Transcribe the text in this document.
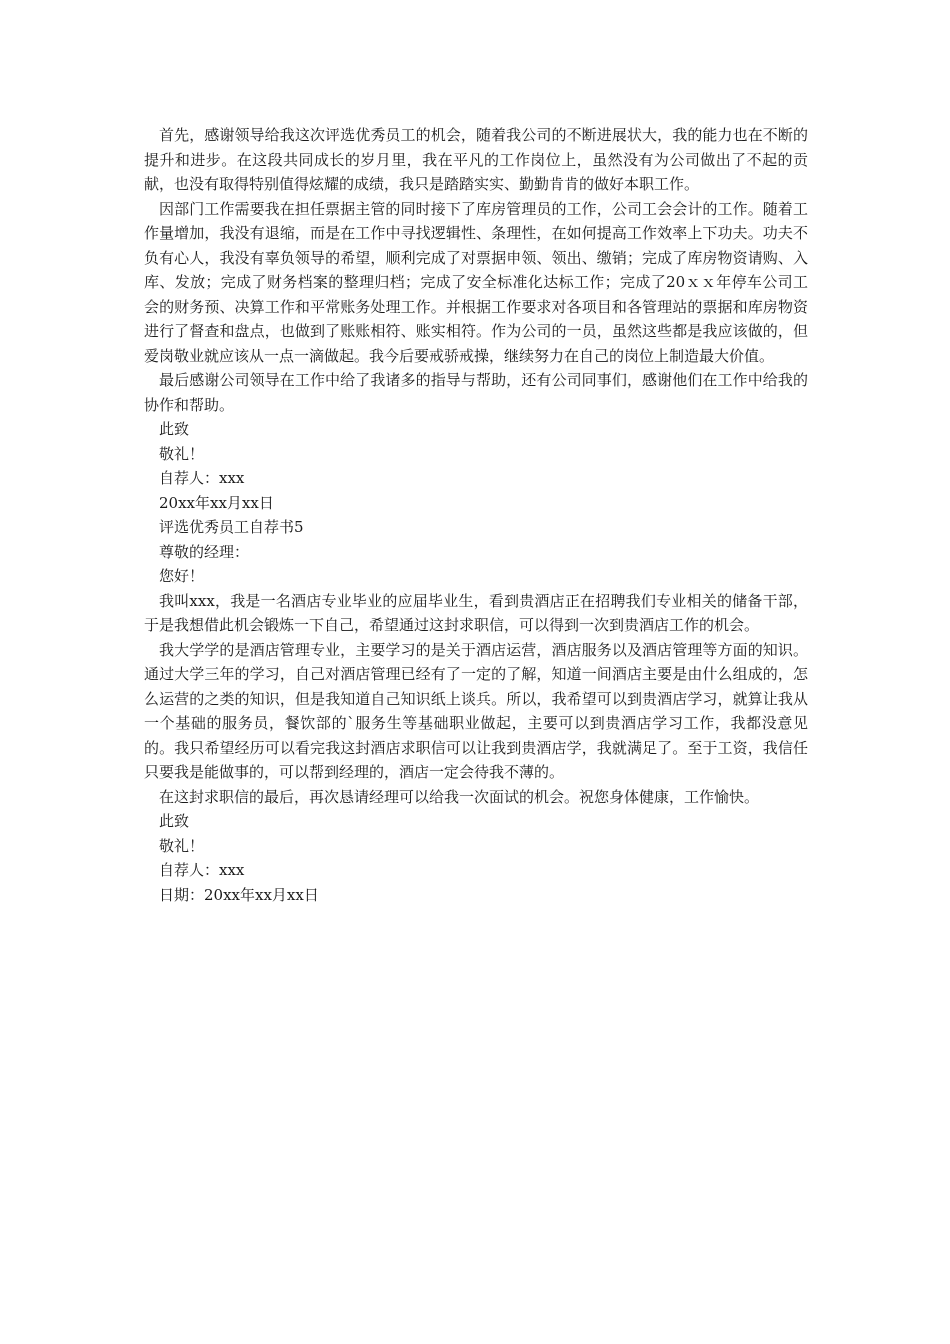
首先，感谢领导给我这次评选优秀员工的机会，随着我公司的不断进展状大，我的能力也在不断的提升和进步。在这段共同成长的岁月里，我在平凡的工作岗位上，虽然没有为公司做出了不起的贡献，也没有取得特别值得炫耀的成绩，我只是踏踏实实、勤勤肯肯的做好本职工作。

因部门工作需要我在担任票据主管的同时接下了库房管理员的工作，公司工会会计的工作。随着工作量增加，我没有退缩，而是在工作中寻找逻辑性、条理性，在如何提高工作效率上下功夫。功夫不负有心人，我没有辜负领导的希望，顺利完成了对票据申领、领出、缴销；完成了库房物资请购、入库、发放；完成了财务档案的整理归档；完成了安全标准化达标工作；完成了20ｘｘ年停车公司工会的财务预、决算工作和平常账务处理工作。并根据工作要求对各项目和各管理站的票据和库房物资进行了督查和盘点，也做到了账账相符、账实相符。作为公司的一员，虽然这些都是我应该做的，但爱岗敬业就应该从一点一滴做起。我今后要戒骄戒操，继续努力在自己的岗位上制造最大价值。

最后感谢公司领导在工作中给了我诸多的指导与帮助，还有公司同事们，感谢他们在工作中给我的协作和帮助。

此致

敬礼！

自荐人：xxx

20xx年xx月xx日

评选优秀员工自荐书5

尊敬的经理：

您好！

我叫xxx，我是一名酒店专业毕业的应届毕业生，看到贵酒店正在招聘我们专业相关的储备干部，于是我想借此机会锻炼一下自己，希望通过这封求职信，可以得到一次到贵酒店工作的机会。

我大学学的是酒店管理专业，主要学习的是关于酒店运营，酒店服务以及酒店管理等方面的知识。通过大学三年的学习，自己对酒店管理已经有了一定的了解，知道一间酒店主要是由什么组成的，怎么运营的之类的知识，但是我知道自己知识纸上谈兵。所以，我希望可以到贵酒店学习，就算让我从一个基础的服务员，餐饮部的`服务生等基础职业做起，主要可以到贵酒店学习工作，我都没意见的。我只希望经历可以看完我这封酒店求职信可以让我到贵酒店学，我就满足了。至于工资，我信任只要我是能做事的，可以帮到经理的，酒店一定会待我不薄的。

在这封求职信的最后，再次恳请经理可以给我一次面试的机会。祝您身体健康，工作愉快。

此致

敬礼！

自荐人：xxx

日期：20xx年xx月xx日
